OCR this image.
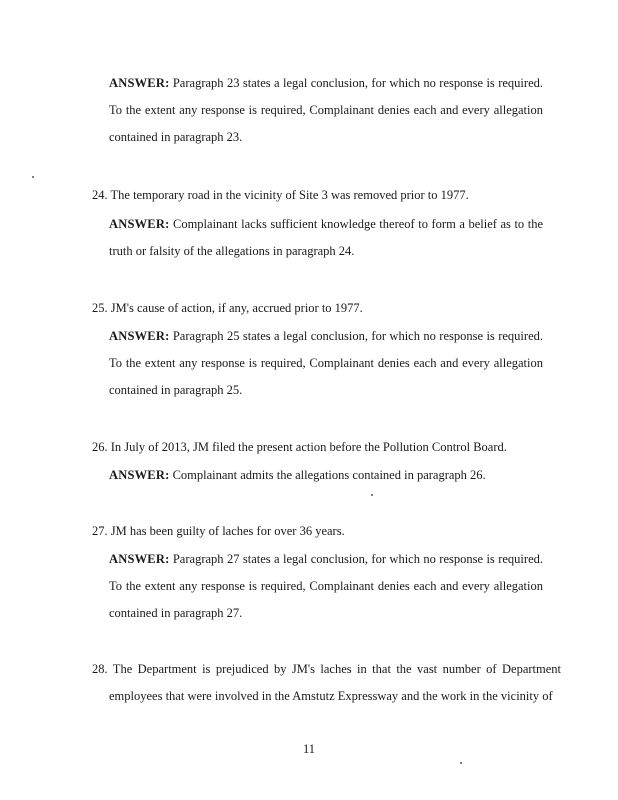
ANSWER: Paragraph 23 states a legal conclusion, for which no response is required. To the extent any response is required, Complainant denies each and every allegation contained in paragraph 23.
24. The temporary road in the vicinity of Site 3 was removed prior to 1977.
ANSWER: Complainant lacks sufficient knowledge thereof to form a belief as to the truth or falsity of the allegations in paragraph 24.
25. JM's cause of action, if any, accrued prior to 1977.
ANSWER: Paragraph 25 states a legal conclusion, for which no response is required. To the extent any response is required, Complainant denies each and every allegation contained in paragraph 25.
26. In July of 2013, JM filed the present action before the Pollution Control Board.
ANSWER: Complainant admits the allegations contained in paragraph 26.
27. JM has been guilty of laches for over 36 years.
ANSWER: Paragraph 27 states a legal conclusion, for which no response is required. To the extent any response is required, Complainant denies each and every allegation contained in paragraph 27.
28. The Department is prejudiced by JM's laches in that the vast number of Department employees that were involved in the Amstutz Expressway and the work in the vicinity of
11
